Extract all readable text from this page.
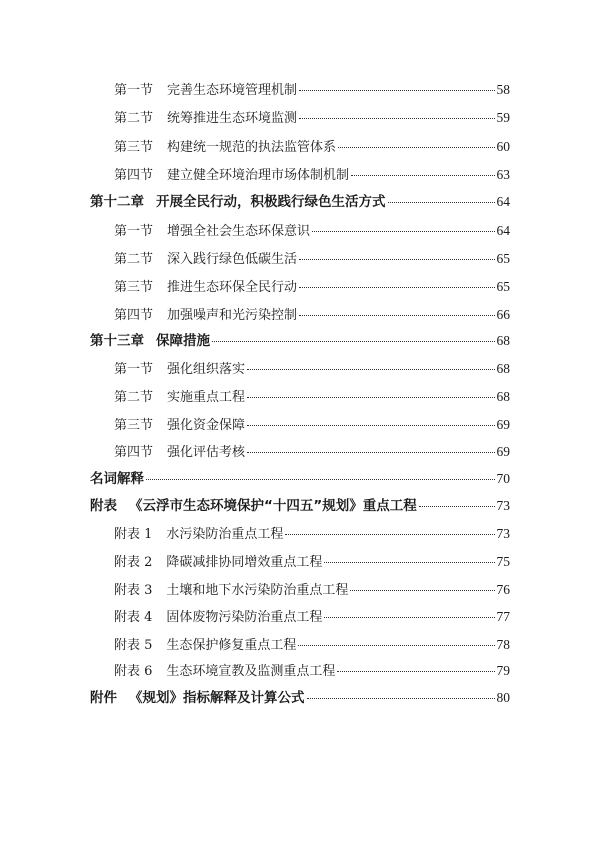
第一节 完善生态环境管理机制	58
第二节 统筹推进生态环境监测	59
第三节 构建统一规范的执法监管体系	60
第四节 建立健全环境治理市场体制机制	63
第十二章 开展全民行动，积极践行绿色生活方式	64
第一节 增强全社会生态环保意识	64
第二节 深入践行绿色低碳生活	65
第三节 推进生态环保全民行动	65
第四节 加强噪声和光污染控制	66
第十三章 保障措施	68
第一节 强化组织落实	68
第二节 实施重点工程	68
第三节 强化资金保障	69
第四节 强化评估考核	69
名词解释	70
附表 《云浮市生态环境保护“十四五”规划》重点工程	73
附表 1 水污染防治重点工程	73
附表 2 降碳减排协同增效重点工程	75
附表 3 土壤和地下水污染防治重点工程	76
附表 4 固体废物污染防治重点工程	77
附表 5 生态保护修复重点工程	78
附表 6 生态环境宣教及监测重点工程	79
附件 《规划》指标解释及计算公式	80
